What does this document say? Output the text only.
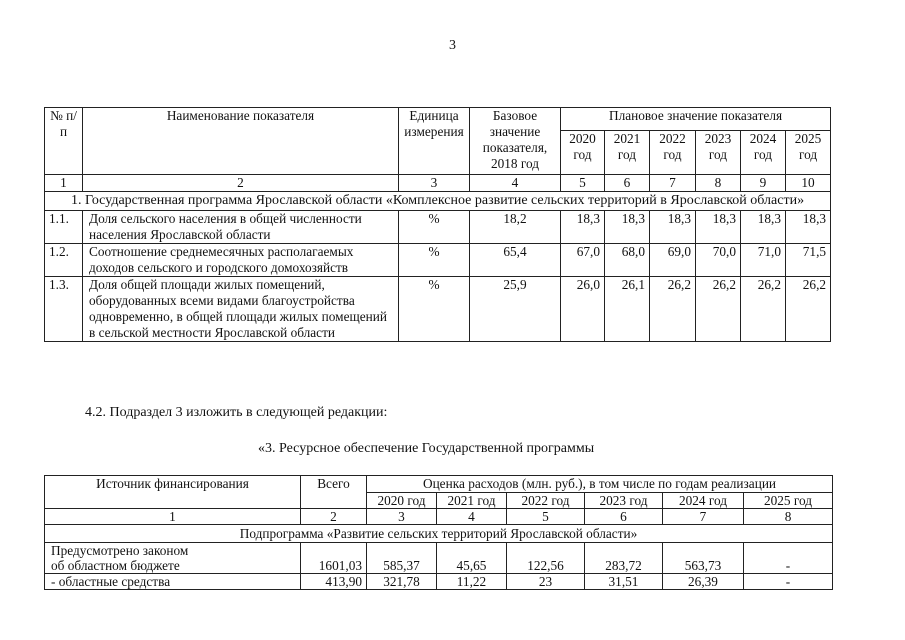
3
№ п/п	Наименование показателя	Единица измерения	Базовое значение показателя, 2018 год	Плановое значение показателя					
				2020 год	2021 год	2022 год	2023 год	2024 год	2025 год
1	2	3	4	5	6	7	8	9	10
1. Государственная программа Ярославской области «Комплексное развитие сельских территорий в Ярославской области»									
1.1.	Доля сельского населения в общей численности населения Ярославской области	%	18,2	18,3	18,3	18,3	18,3	18,3	18,3
1.2.	Соотношение среднемесячных располагаемых доходов сельского и городского домохозяйств	%	65,4	67,0	68,0	69,0	70,0	71,0	71,5
1.3.	Доля общей площади жилых помещений, оборудованных всеми видами благоустройства одновременно, в общей площади жилых помещений в сельской местности Ярославской области	%	25,9	26,0	26,1	26,2	26,2	26,2	26,2
4.2. Подраздел 3 изложить в следующей редакции:
«3. Ресурсное обеспечение Государственной программы
Источник финансирования	Всего	Оценка расходов (млн. руб.), в том числе по годам реализации					
		2020 год	2021 год	2022 год	2023 год	2024 год	2025 год
1	2	3	4	5	6	7	8
Подпрограмма «Развитие сельских территорий Ярославской области»							

Предусмотрено законом об областном бюджете	1601,03	585,37	45,65	122,56	283,72	563,73	-
- областные средства	413,90	321,78	11,22	23	31,51	26,39	-
